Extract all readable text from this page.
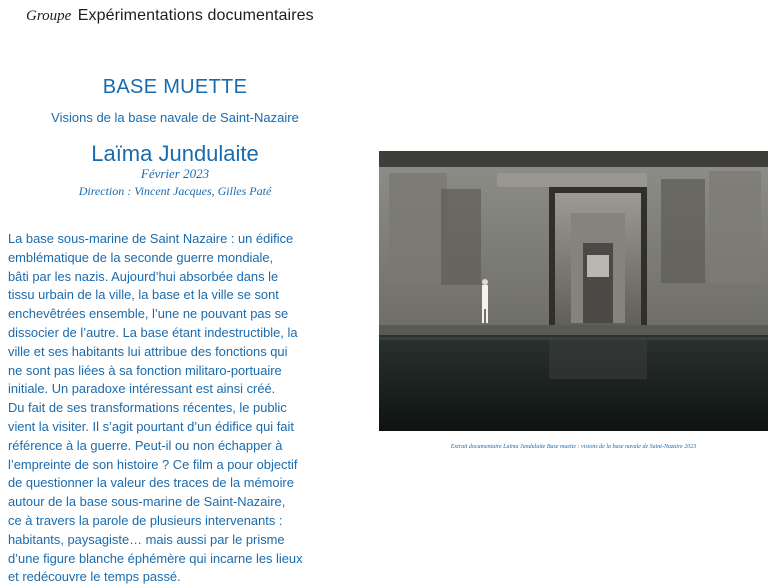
Groupe Expérimentations documentaires
BASE MUETTE
Visions de la base navale de Saint-Nazaire
Laïma Jundulaite
Février 2023
Direction : Vincent Jacques, Gilles Paté
La base sous-marine de Saint Nazaire : un édifice
emblématique de la seconde guerre mondiale,
bâti par les nazis. Aujourd’hui absorbée dans le
tissu urbain de la ville, la base et la ville se sont
enchevêtrées ensemble, l’une ne pouvant pas se
dissocier de l’autre. La base étant indestructible, la
ville et ses habitants lui attribue des fonctions qui
ne sont pas liées à sa fonction militaro-portuaire
initiale. Un paradoxe intéressant est ainsi créé.
Du fait de ses transformations récentes, le public
vient la visiter. Il s’agit pourtant d’un édifice qui fait
référence à la guerre. Peut-il ou non échapper à
l’empreinte de son histoire ? Ce film a pour objectif
de questionner la valeur des traces de la mémoire
autour de la base sous-marine de Saint-Nazaire,
ce à travers la parole de plusieurs intervenants :
habitants, paysagiste… mais aussi par le prisme
d’une figure blanche éphémère qui incarne les lieux
et redécouvre le temps passé.
Extrait documentaire Laïma Jundulaite Base muette : visions de la base navale de Saint-Nazaire 2023
